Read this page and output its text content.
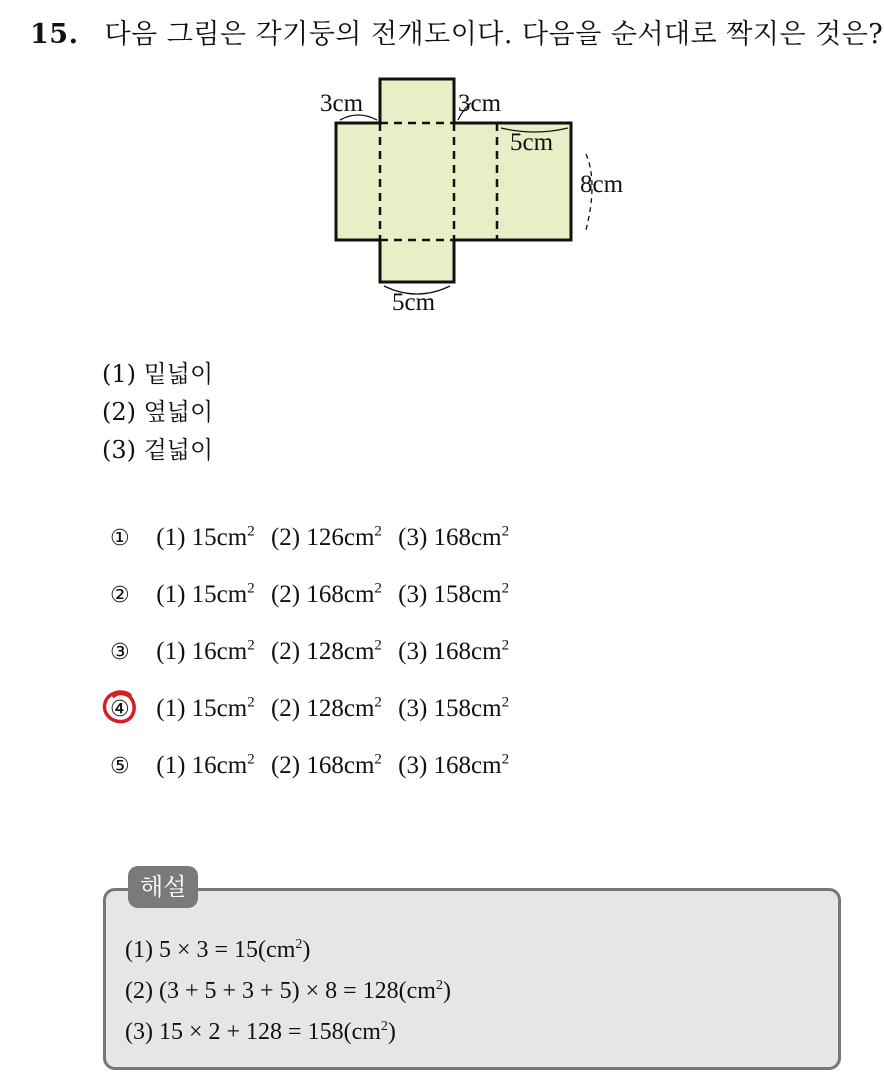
15. 다음 그림은 각기둥의 전개도이다. 다음을 순서대로 짝지은 것은?
3cm	3cm
5cm
8cm
5cm
(1) 밑넓이
(2) 옆넓이
(3) 겉넓이
① (1) $15cm^2$ (2) $126cm^2$ (3) $168cm^2$
② (1) $15cm^2$ (2) $168cm^2$ (3) $158cm^2$
③ (1) $16cm^2$ (2) $128cm^2$ (3) $168cm^2$
④ (1) $15cm^2$ (2) $128cm^2$ (3) $158cm^2$
⑤ (1) $16cm^2$ (2) $168cm^2$ (3) $168cm^2$
해설
(1) $5 \times 3 = 15(cm^2)$
(2) $(3 + 5 + 3 + 5) \times 8 = 128(cm^2)$
(3) $15 \times 2 + 128 = 158(cm^2)$
